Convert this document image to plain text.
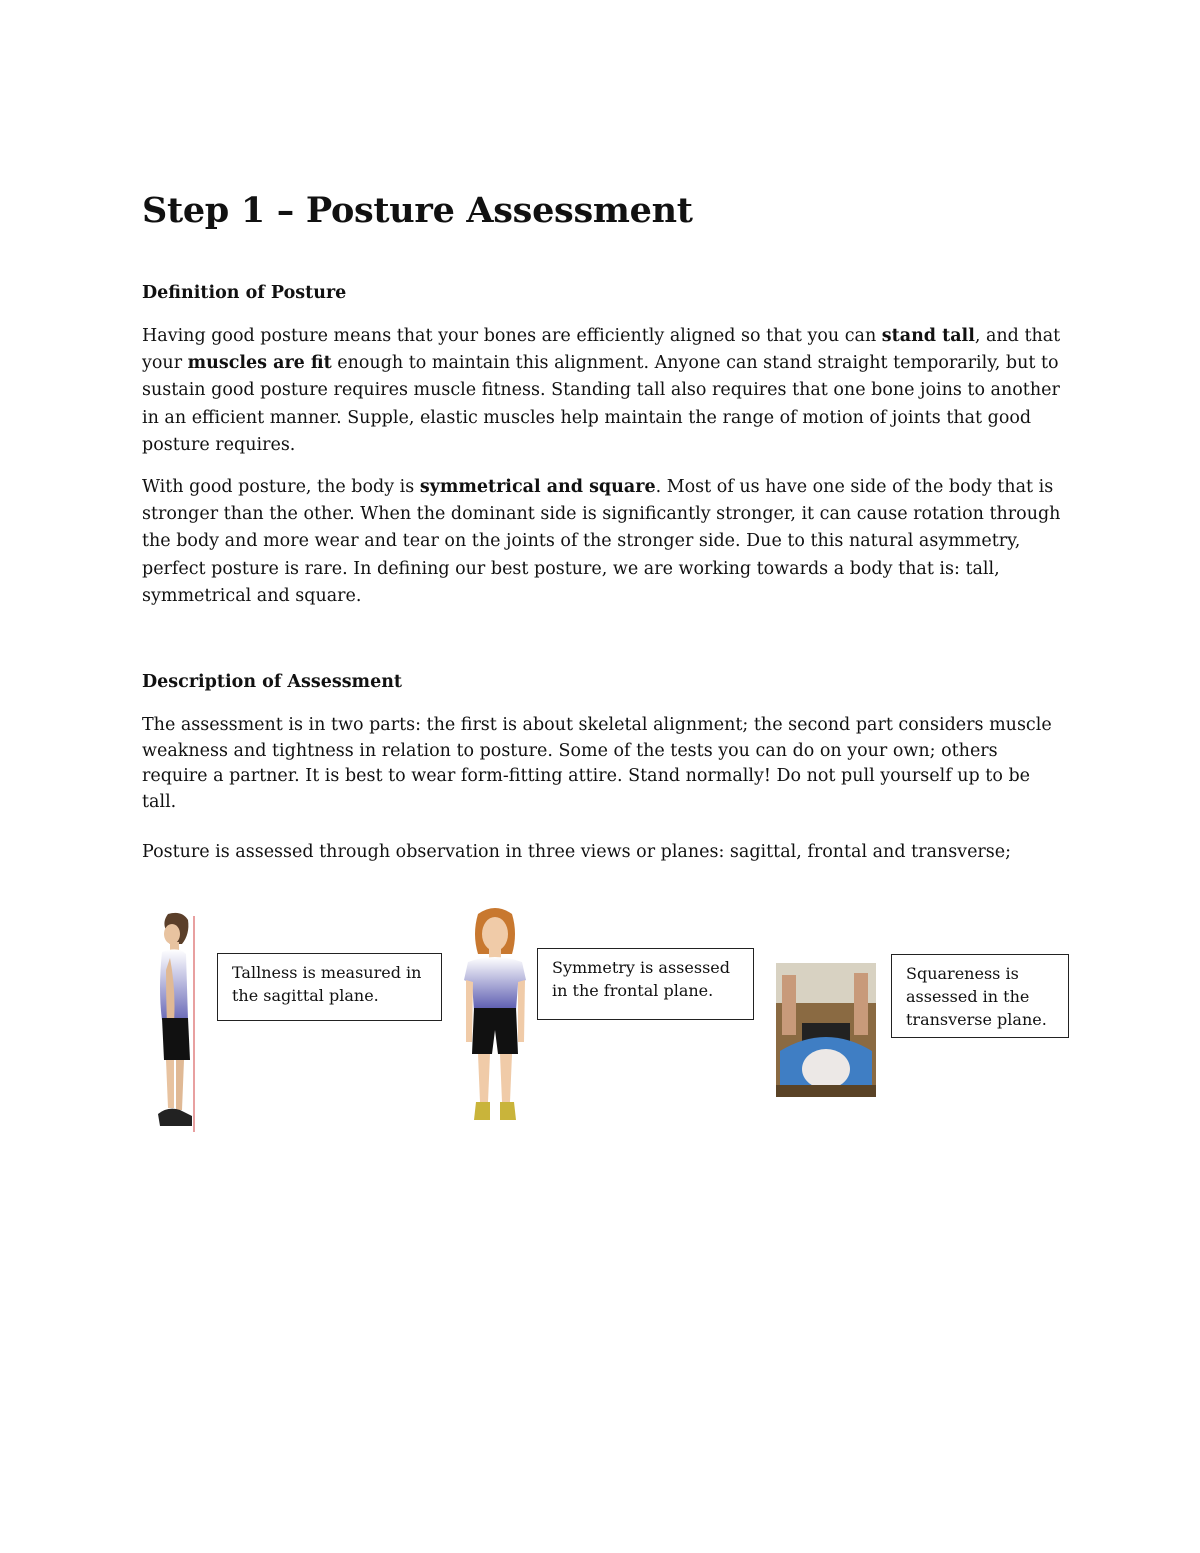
Step 1 – Posture Assessment
Definition of Posture

Having good posture means that your bones are efficiently aligned so that you can stand tall, and that your muscles are fit enough to maintain this alignment. Anyone can stand straight temporarily, but to sustain good posture requires muscle fitness. Standing tall also requires that one bone joins to another in an efficient manner. Supple, elastic muscles help maintain the range of motion of joints that good posture requires.

With good posture, the body is symmetrical and square. Most of us have one side of the body that is stronger than the other. When the dominant side is significantly stronger, it can cause rotation through the body and more wear and tear on the joints of the stronger side. Due to this natural asymmetry, perfect posture is rare. In defining our best posture, we are working towards a body that is: tall, symmetrical and square.

Description of Assessment

The assessment is in two parts: the first is about skeletal alignment; the second part considers muscle weakness and tightness in relation to posture. Some of the tests you can do on your own; others require a partner. It is best to wear form-fitting attire. Stand normally! Do not pull yourself up to be tall.

Posture is assessed through observation in three views or planes: sagittal, frontal and transverse;

Tallness is measured in the sagittal plane.
Symmetry is assessed in the frontal plane.
Squareness is assessed in the transverse plane.
